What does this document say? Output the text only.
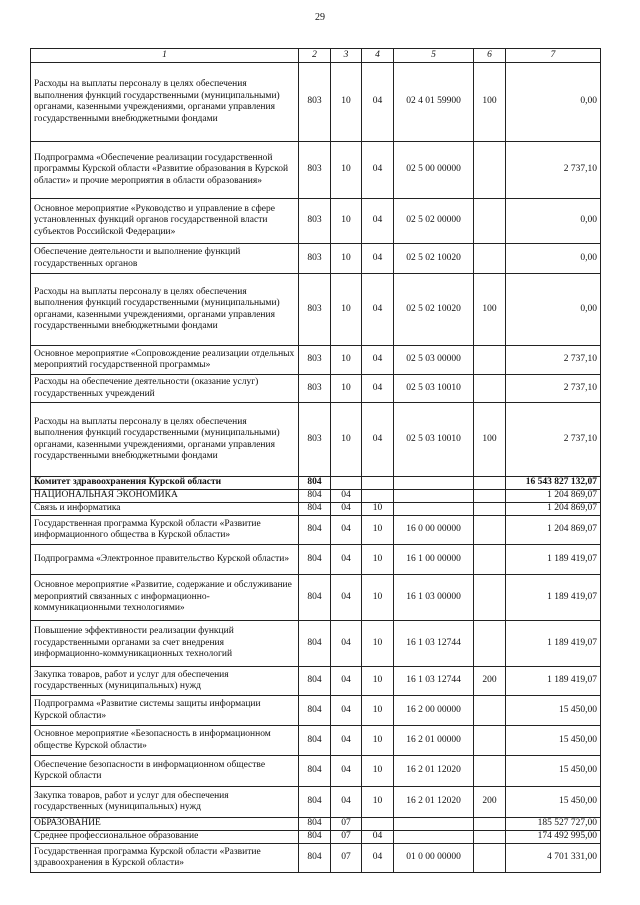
29
1	2	3	4	5	6	7
Расходы на выплаты персоналу в целях обеспечения выполнения функций государственными (муниципальными) органами, казенными учреждениями, органами управления государственными внебюджетными фондами	803	10	04	02 4 01 59900	100	0,00
Подпрограмма «Обеспечение реализации государственной программы Курской области «Развитие образования в Курской области» и прочие мероприятия в области образования»	803	10	04	02 5 00 00000		2 737,10
Основное мероприятие «Руководство и управление в сфере установленных функций органов государственной власти субъектов Российской Федерации»	803	10	04	02 5 02 00000		0,00
Обеспечение деятельности и выполнение функций государственных органов	803	10	04	02 5 02 10020		0,00
Расходы на выплаты персоналу в целях обеспечения выполнения функций государственными (муниципальными) органами, казенными учреждениями, органами управления государственными внебюджетными фондами	803	10	04	02 5 02 10020	100	0,00
Основное мероприятие «Сопровождение реализации отдельных мероприятий государственной программы»	803	10	04	02 5 03 00000		2 737,10
Расходы на обеспечение деятельности (оказание услуг) государственных учреждений	803	10	04	02 5 03 10010		2 737,10
Расходы на выплаты персоналу в целях обеспечения выполнения функций государственными (муниципальными) органами, казенными учреждениями, органами управления государственными внебюджетными фондами	803	10	04	02 5 03 10010	100	2 737,10
Комитет здравоохранения Курской области	804					16 543 827 132,07
НАЦИОНАЛЬНАЯ ЭКОНОМИКА	804	04				1 204 869,07
Связь и информатика	804	04	10			1 204 869,07
Государственная программа Курской области «Развитие информационного общества в Курской области»	804	04	10	16 0 00 00000		1 204 869,07
Подпрограмма «Электронное правительство Курской области»	804	04	10	16 1 00 00000		1 189 419,07
Основное мероприятие «Развитие, содержание и обслуживание мероприятий связанных с информационно-коммуникационными технологиями»	804	04	10	16 1 03 00000		1 189 419,07
Повышение эффективности реализации функций государственными органами за счет внедрения информационно-коммуникационных технологий	804	04	10	16 1 03 12744		1 189 419,07
Закупка товаров, работ и услуг для обеспечения государственных (муниципальных) нужд	804	04	10	16 1 03 12744	200	1 189 419,07
Подпрограмма «Развитие системы защиты информации Курской области»	804	04	10	16 2 00 00000		15 450,00
Основное мероприятие «Безопасность в информационном обществе Курской области»	804	04	10	16 2 01 00000		15 450,00
Обеспечение безопасности в информационном обществе Курской области	804	04	10	16 2 01 12020		15 450,00
Закупка товаров, работ и услуг для обеспечения государственных (муниципальных) нужд	804	04	10	16 2 01 12020	200	15 450,00
ОБРАЗОВАНИЕ	804	07				185 527 727,00
Среднее профессиональное образование	804	07	04			174 492 995,00
Государственная программа Курской области «Развитие здравоохранения в Курской области»	804	07	04	01 0 00 00000		4 701 331,00
